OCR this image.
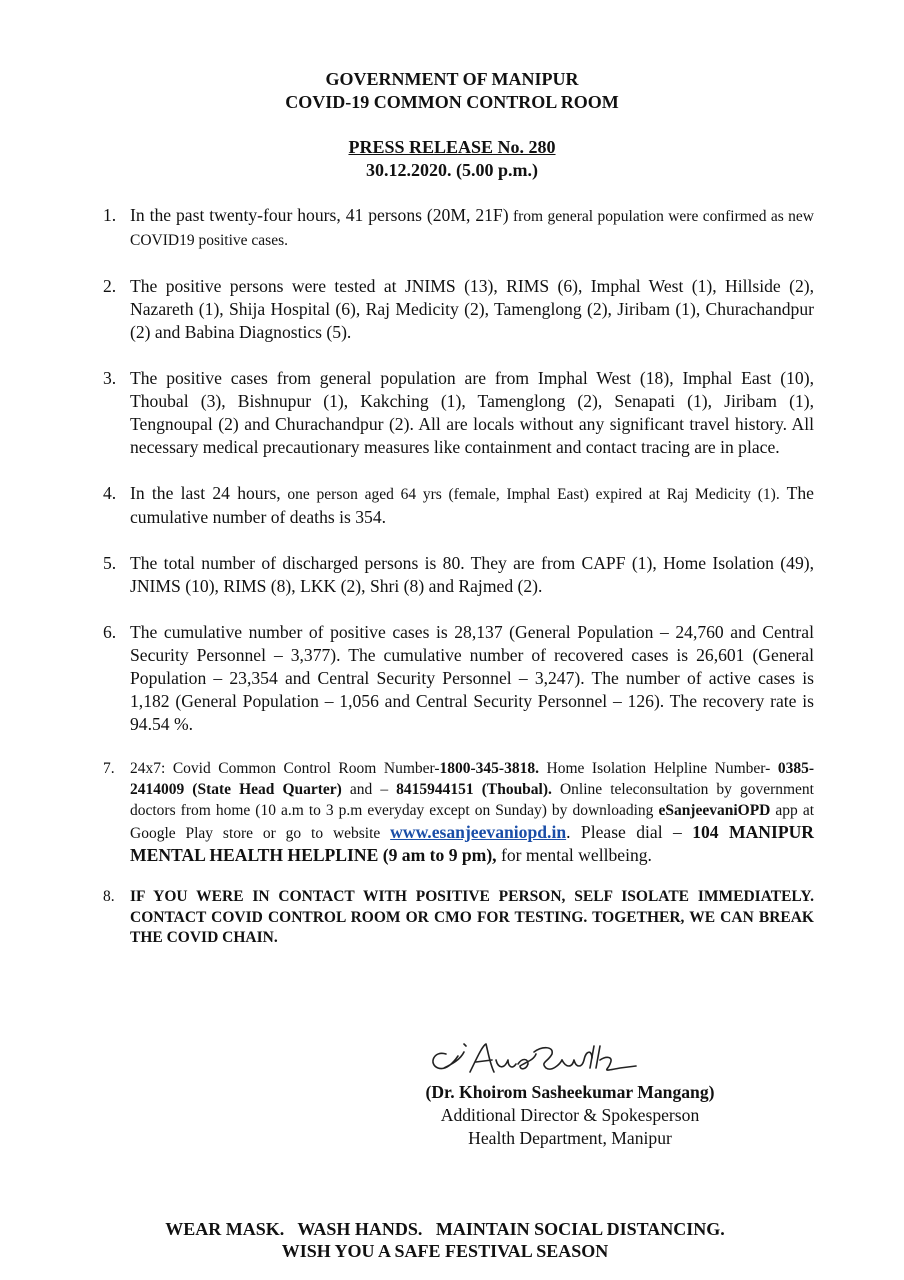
GOVERNMENT OF MANIPUR
COVID-19 COMMON CONTROL ROOM
PRESS RELEASE No. 280
30.12.2020. (5.00 p.m.)
1. In the past twenty-four hours, 41 persons (20M, 21F) from general population were confirmed as new COVID19 positive cases.
2. The positive persons were tested at JNIMS (13), RIMS (6), Imphal West (1), Hillside (2), Nazareth (1), Shija Hospital (6), Raj Medicity (2), Tamenglong (2), Jiribam (1), Churachandpur (2) and Babina Diagnostics (5).
3. The positive cases from general population are from Imphal West (18), Imphal East (10), Thoubal (3), Bishnupur (1), Kakching (1), Tamenglong (2), Senapati (1), Jiribam (1), Tengnoupal (2) and Churachandpur (2). All are locals without any significant travel history. All necessary medical precautionary measures like containment and contact tracing are in place.
4. In the last 24 hours, one person aged 64 yrs (female, Imphal East) expired at Raj Medicity (1). The cumulative number of deaths is 354.
5. The total number of discharged persons is 80. They are from CAPF (1), Home Isolation (49), JNIMS (10), RIMS (8), LKK (2), Shri (8) and Rajmed (2).
6. The cumulative number of positive cases is 28,137 (General Population – 24,760 and Central Security Personnel – 3,377). The cumulative number of recovered cases is 26,601 (General Population – 23,354 and Central Security Personnel – 3,247). The number of active cases is 1,182 (General Population – 1,056 and Central Security Personnel – 126). The recovery rate is 94.54 %.
7. 24x7: Covid Common Control Room Number-1800-345-3818. Home Isolation Helpline Number- 0385-2414009 (State Head Quarter) and – 8415944151 (Thoubal). Online teleconsultation by government doctors from home (10 a.m to 3 p.m everyday except on Sunday) by downloading eSanjeevaniOPD app at Google Play store or go to website www.esanjeevaniopd.in. Please dial – 104 MANIPUR MENTAL HEALTH HELPLINE (9 am to 9 pm), for mental wellbeing.
8. IF YOU WERE IN CONTACT WITH POSITIVE PERSON, SELF ISOLATE IMMEDIATELY. CONTACT COVID CONTROL ROOM OR CMO FOR TESTING. TOGETHER, WE CAN BREAK THE COVID CHAIN.
(Dr. Khoirom Sasheekumar Mangang)
Additional Director & Spokesperson
Health Department, Manipur
WEAR MASK.   WASH HANDS.   MAINTAIN SOCIAL DISTANCING.
WISH YOU A SAFE FESTIVAL SEASON
